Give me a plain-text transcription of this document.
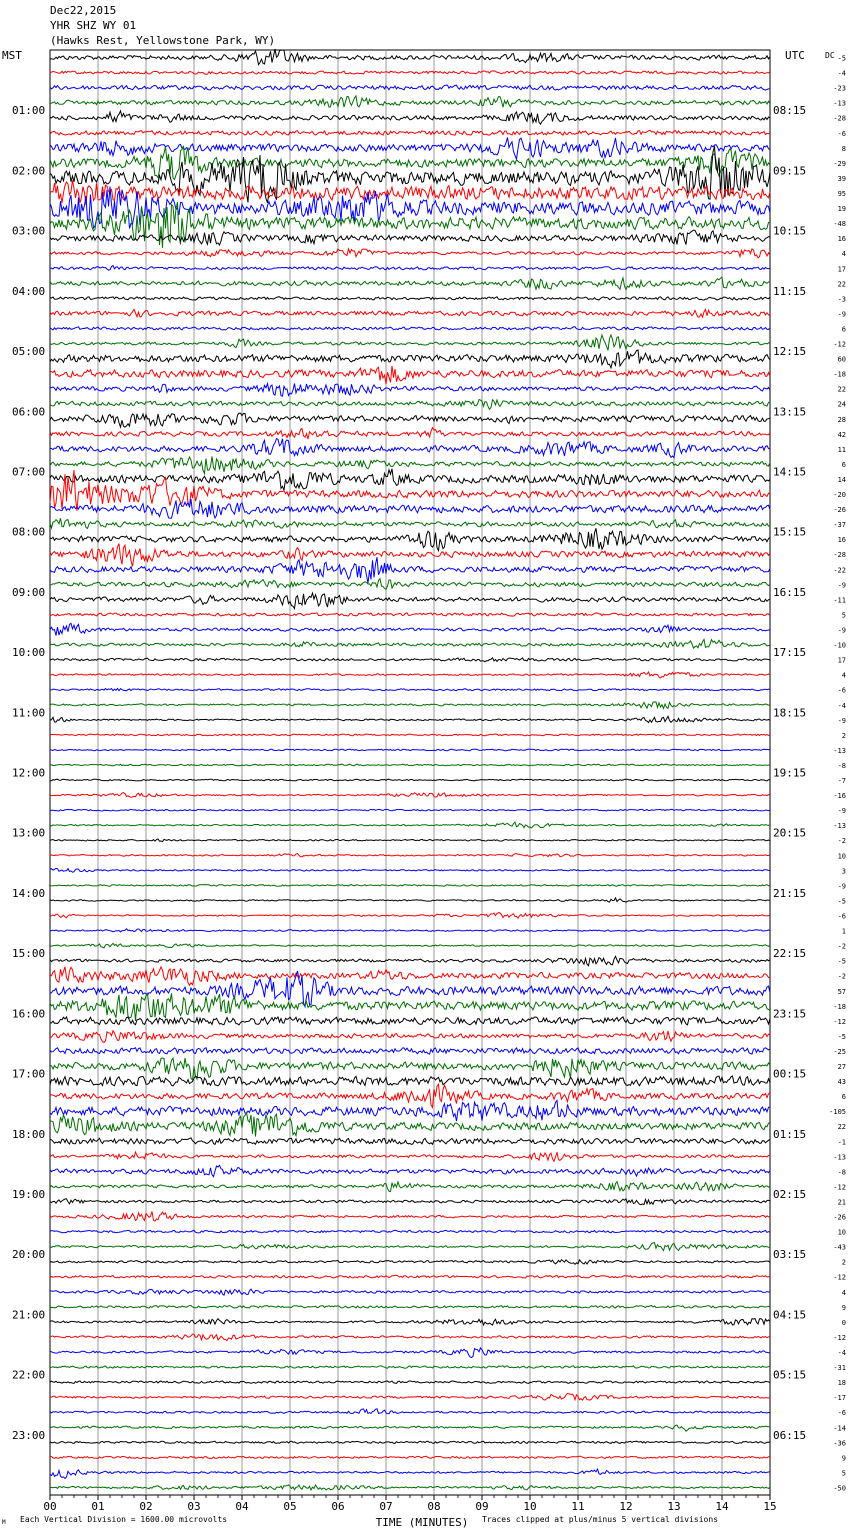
Dec22,2015
YHR SHZ WY 01
(Hawks Rest, Yellowstone Park, WY)
MST	UTC	DC
00	01	02	03	04	05	06	07	08	09	10	11	12	13	14	15
TIME (MINUTES)
01:00
02:00
03:00
04:00
05:00
06:00
07:00
08:00
09:00
10:00
11:00
12:00
13:00
14:00
15:00
16:00
17:00
18:00
19:00
20:00
21:00
22:00
23:00
08:15
09:15
10:15
11:15
12:15
13:15
14:15
15:15
16:15
17:15
18:15
19:15
20:15
21:15
22:15
23:15
00:15
01:15
02:15
03:15
04:15
05:15
06:15
-5
-4
-23
-13
-28
-6
8
-29
39
95
19
-48
16
4
17
22
-3
-9
6
-12
60
-18
22
24
28
42
11
6
14
-20
-26
-37
16
-28
-22
-9
-11
5
-9
-10
17
4
-6
-4
-9
2
-13
-8
-7
-16
-9
-13
-2
10
3
-9
-5
-6
1
-2
-5
-2
57
-18
-12
-5
-25
27
43
6
-105
22
-1
-13
-8
-12
21
-26
10
-43
2
-12
4
9
0
-12
-4
-31
18
-17
-6
-14
-36
9
5
-50
M Each Vertical Division = 1600.00 microvolts	Traces clipped at plus/minus 5 vertical divisions
